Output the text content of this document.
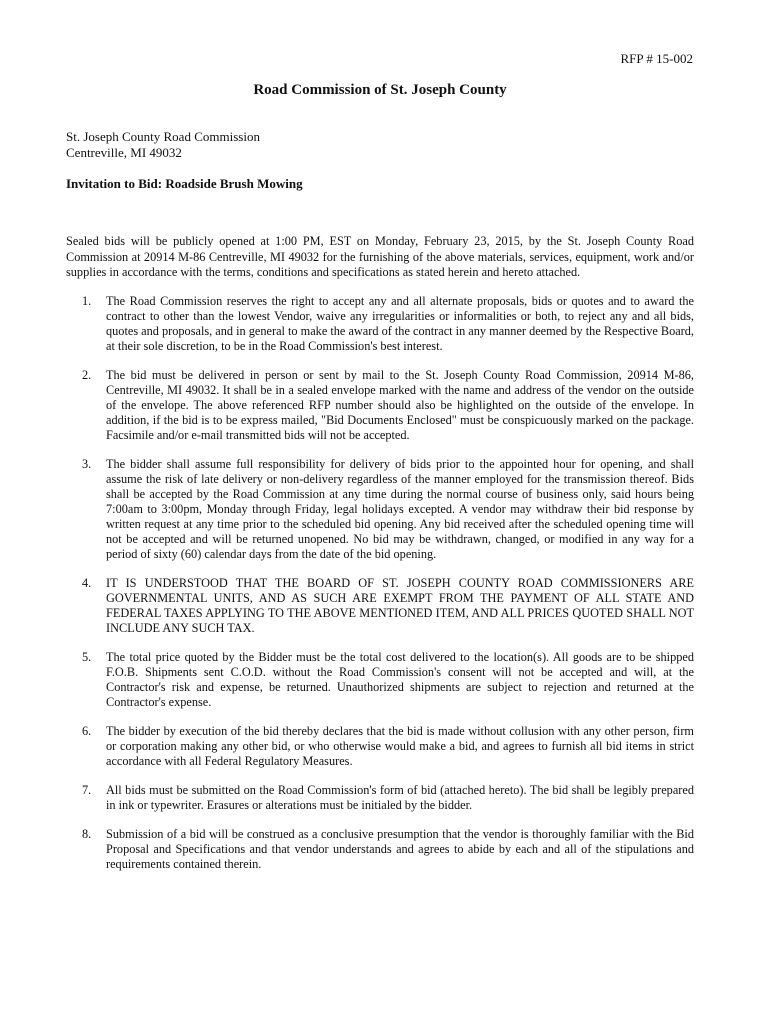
RFP # 15-002
Road Commission of St. Joseph County
St. Joseph County Road Commission
Centreville, MI 49032
Invitation to Bid: Roadside Brush Mowing
Sealed bids will be publicly opened at 1:00 PM, EST on Monday, February 23, 2015, by the St. Joseph County Road Commission at 20914 M-86 Centreville, MI 49032 for the furnishing of the above materials, services, equipment, work and/or supplies in accordance with the terms, conditions and specifications as stated herein and hereto attached.
1.	The Road Commission reserves the right to accept any and all alternate proposals, bids or quotes and to award the contract to other than the lowest Vendor, waive any irregularities or informalities or both, to reject any and all bids, quotes and proposals, and in general to make the award of the contract in any manner deemed by the Respective Board, at their sole discretion, to be in the Road Commission's best interest.
2.	The bid must be delivered in person or sent by mail to the St. Joseph County Road Commission, 20914 M-86, Centreville, MI 49032. It shall be in a sealed envelope marked with the name and address of the vendor on the outside of the envelope. The above referenced RFP number should also be highlighted on the outside of the envelope. In addition, if the bid is to be express mailed, "Bid Documents Enclosed" must be conspicuously marked on the package. Facsimile and/or e-mail transmitted bids will not be accepted.
3.	The bidder shall assume full responsibility for delivery of bids prior to the appointed hour for opening, and shall assume the risk of late delivery or non-delivery regardless of the manner employed for the transmission thereof. Bids shall be accepted by the Road Commission at any time during the normal course of business only, said hours being 7:00am to 3:00pm, Monday through Friday, legal holidays excepted. A vendor may withdraw their bid response by written request at any time prior to the scheduled bid opening. Any bid received after the scheduled opening time will not be accepted and will be returned unopened. No bid may be withdrawn, changed, or modified in any way for a period of sixty (60) calendar days from the date of the bid opening.
4.	IT IS UNDERSTOOD THAT THE BOARD OF ST. JOSEPH COUNTY ROAD COMMISSIONERS ARE GOVERNMENTAL UNITS, AND AS SUCH ARE EXEMPT FROM THE PAYMENT OF ALL STATE AND FEDERAL TAXES APPLYING TO THE ABOVE MENTIONED ITEM, AND ALL PRICES QUOTED SHALL NOT INCLUDE ANY SUCH TAX.
5.	The total price quoted by the Bidder must be the total cost delivered to the location(s). All goods are to be shipped F.O.B. Shipments sent C.O.D. without the Road Commission's consent will not be accepted and will, at the Contractor's risk and expense, be returned. Unauthorized shipments are subject to rejection and returned at the Contractor's expense.
6.	The bidder by execution of the bid thereby declares that the bid is made without collusion with any other person, firm or corporation making any other bid, or who otherwise would make a bid, and agrees to furnish all bid items in strict accordance with all Federal Regulatory Measures.
7.	All bids must be submitted on the Road Commission's form of bid (attached hereto). The bid shall be legibly prepared in ink or typewriter. Erasures or alterations must be initialed by the bidder.
8.	Submission of a bid will be construed as a conclusive presumption that the vendor is thoroughly familiar with the Bid Proposal and Specifications and that vendor understands and agrees to abide by each and all of the stipulations and requirements contained therein.
